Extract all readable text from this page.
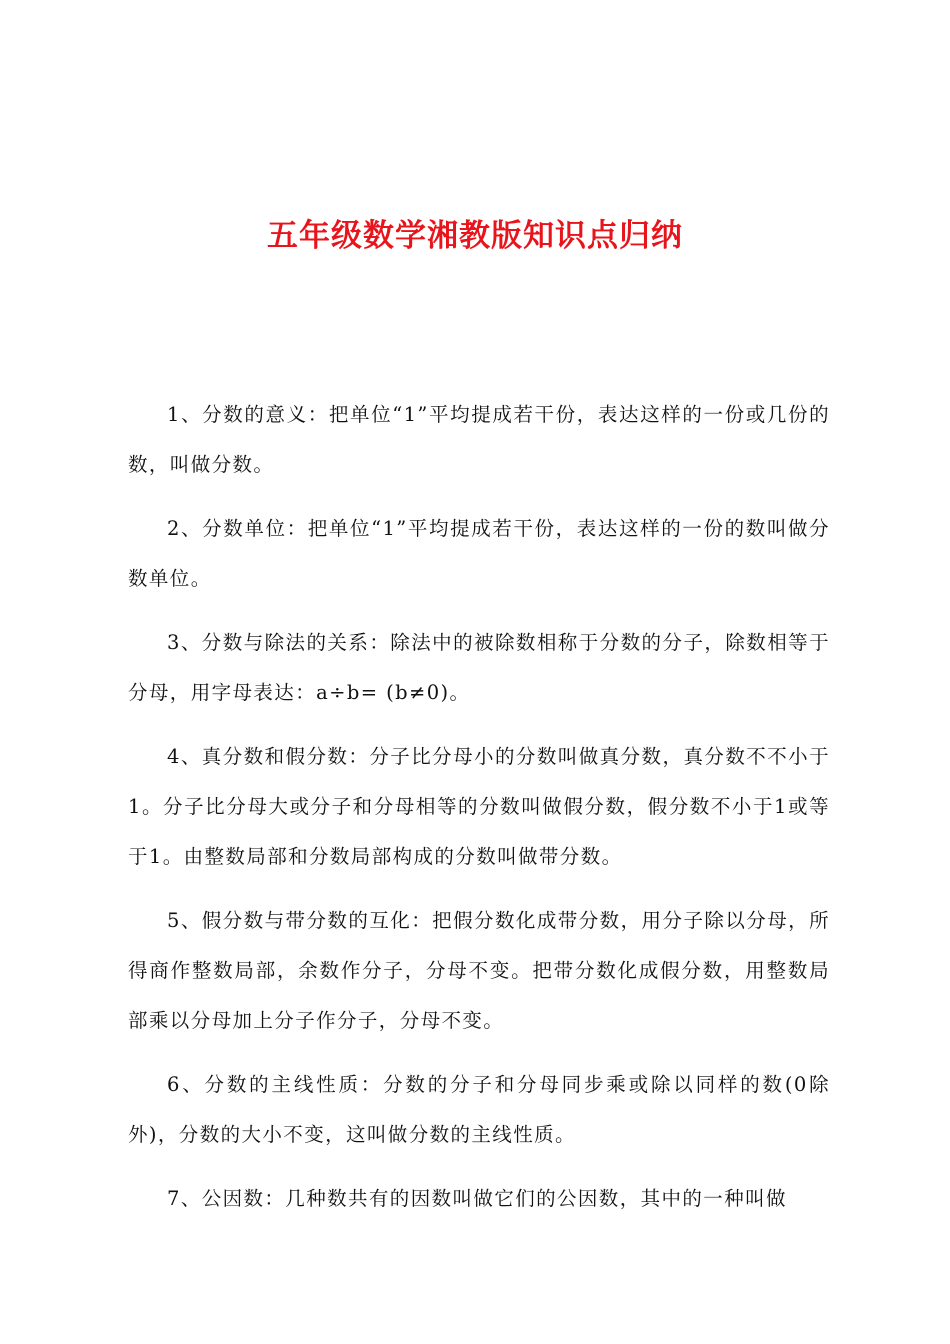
五年级数学湘教版知识点归纳

1、分数的意义：把单位“1”平均提成若干份，表达这样的一份或几份的数，叫做分数。

2、分数单位：把单位“1”平均提成若干份，表达这样的一份的数叫做分数单位。

3、分数与除法的关系：除法中的被除数相称于分数的分子，除数相等于分母，用字母表达：a÷b= (b≠0)。

4、真分数和假分数：分子比分母小的分数叫做真分数，真分数不不小于1。分子比分母大或分子和分母相等的分数叫做假分数，假分数不小于1或等于1。由整数局部和分数局部构成的分数叫做带分数。

5、假分数与带分数的互化：把假分数化成带分数，用分子除以分母，所得商作整数局部，余数作分子，分母不变。把带分数化成假分数，用整数局部乘以分母加上分子作分子，分母不变。

6、分数的主线性质：分数的分子和分母同步乘或除以同样的数(0除外)，分数的大小不变，这叫做分数的主线性质。

7、公因数：几种数共有的因数叫做它们的公因数，其中的一种叫做
